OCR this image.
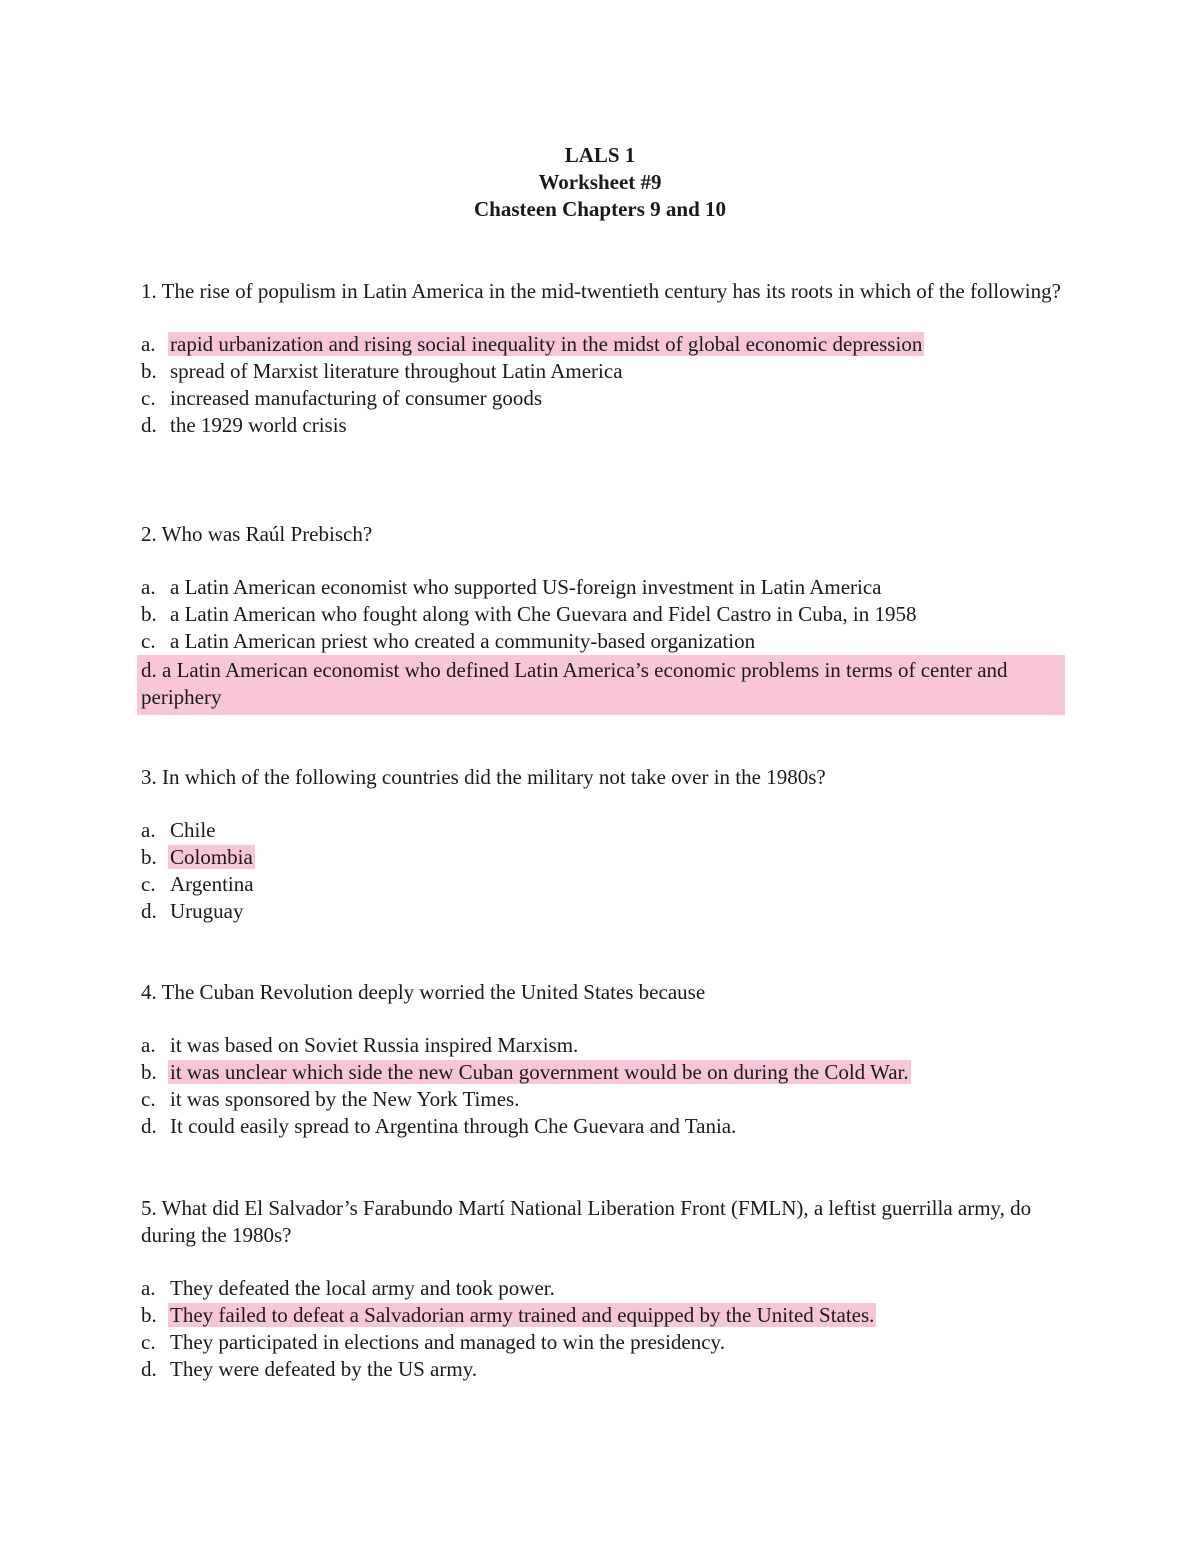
LALS 1
Worksheet #9
Chasteen Chapters 9 and 10

1. The rise of populism in Latin America in the mid-twentieth century has its roots in which of the following?

a. rapid urbanization and rising social inequality in the midst of global economic depression
b. spread of Marxist literature throughout Latin America
c. increased manufacturing of consumer goods
d. the 1929 world crisis

2. Who was Raúl Prebisch?

a. a Latin American economist who supported US-foreign investment in Latin America
b. a Latin American who fought along with Che Guevara and Fidel Castro in Cuba, in 1958
c. a Latin American priest who created a community-based organization
d. a Latin American economist who defined Latin America’s economic problems in terms of center and periphery

3. In which of the following countries did the military not take over in the 1980s?

a. Chile
b. Colombia
c. Argentina
d. Uruguay

4. The Cuban Revolution deeply worried the United States because

a. it was based on Soviet Russia inspired Marxism.
b. it was unclear which side the new Cuban government would be on during the Cold War.
c. it was sponsored by the New York Times.
d. It could easily spread to Argentina through Che Guevara and Tania.

5. What did El Salvador’s Farabundo Martí National Liberation Front (FMLN), a leftist guerrilla army, do during the 1980s?

a. They defeated the local army and took power.
b. They failed to defeat a Salvadorian army trained and equipped by the United States.
c. They participated in elections and managed to win the presidency.
d. They were defeated by the US army.
